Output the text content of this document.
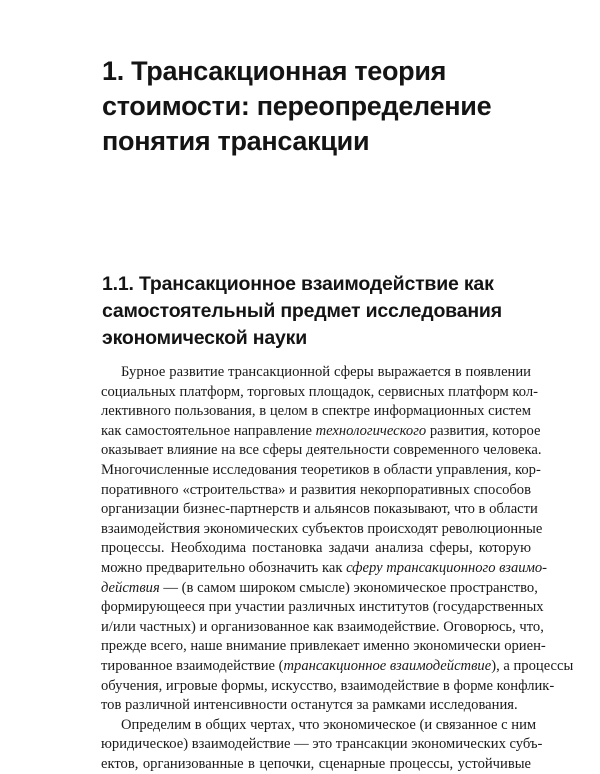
1. Трансакционная теория
стоимости: переопределение
понятия трансакции
1.1. Трансакционное взаимодействие как
самостоятельный предмет исследования
экономической науки
Бурное развитие трансакционной сферы выражается в появлении
социальных платформ, торговых площадок, сервисных платформ кол-
лективного пользования, в целом в спектре информационных систем
как самостоятельное направление технологического развития, которое
оказывает влияние на все сферы деятельности современного человека.
Многочисленные исследования теоретиков в области управления, кор-
поративного «строительства» и развития некорпоративных способов
организации бизнес-партнерств и альянсов показывают, что в области
взаимодействия экономических субъектов происходят революционные
процессы. Необходима постановка задачи анализа сферы, которую
можно предварительно обозначить как сферу трансакционного взаимо-
действия — (в самом широком смысле) экономическое пространство,
формирующееся при участии различных институтов (государственных
и/или частных) и организованное как взаимодействие. Оговорюсь, что,
прежде всего, наше внимание привлекает именно экономически ориен-
тированное взаимодействие (трансакционное взаимодействие), а процессы
обучения, игровые формы, искусство, взаимодействие в форме конфлик-
тов различной интенсивности останутся за рамками исследования.
Определим в общих чертах, что экономическое (и связанное с ним
юридическое) взаимодействие — это трансакции экономических субъ-
ектов, организованные в цепочки, сценарные процессы, устойчивые
